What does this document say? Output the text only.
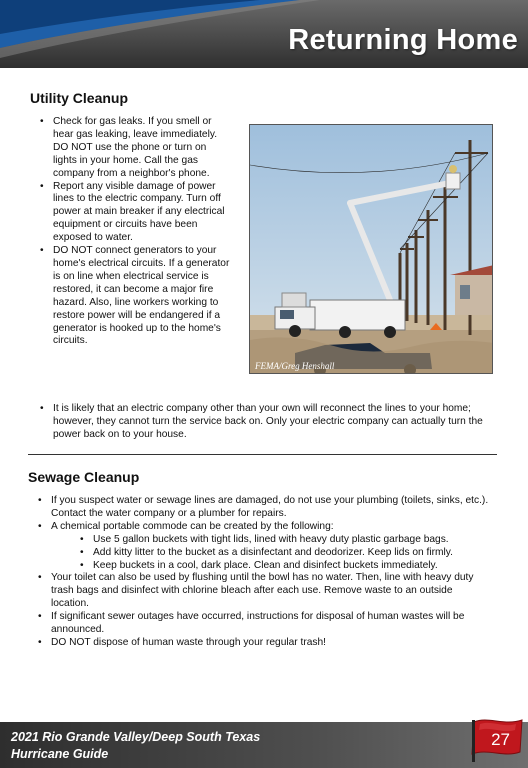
Returning Home
Utility Cleanup
• Check for gas leaks. If you smell or hear gas leaking, leave immediately. DO NOT use the phone or turn on lights in your home. Call the gas company from a neighbor's phone.
• Report any visible damage of power lines to the electric company. Turn off power at main breaker if any electrical equipment or circuits have been exposed to water.
• DO NOT connect generators to your home's electrical circuits. If a generator is on line when electrical service is restored, it can become a major fire hazard. Also, line workers working to restore power will be endangered if a generator is hooked up to the home's circuits.
• It is likely that an electric company other than your own will reconnect the lines to your home; however, they cannot turn the service back on. Only your electric company can actually turn the power back on to your house.
FEMA/Greg Henshall
Sewage Cleanup
• If you suspect water or sewage lines are damaged, do not use your plumbing (toilets, sinks, etc.). Contact the water company or a plumber for repairs.
• A chemical portable commode can be created by the following:
• Use 5 gallon buckets with tight lids, lined with heavy duty plastic garbage bags.
• Add kitty litter to the bucket as a disinfectant and deodorizer. Keep lids on firmly.
• Keep buckets in a cool, dark place. Clean and disinfect buckets immediately.
• Your toilet can also be used by flushing until the bowl has no water. Then, line with heavy duty trash bags and disinfect with chlorine bleach after each use. Remove waste to an outside location.
• If significant sewer outages have occurred, instructions for disposal of human wastes will be announced.
• DO NOT dispose of human waste through your regular trash!
2021 Rio Grande Valley/Deep South Texas
Hurricane Guide
27
